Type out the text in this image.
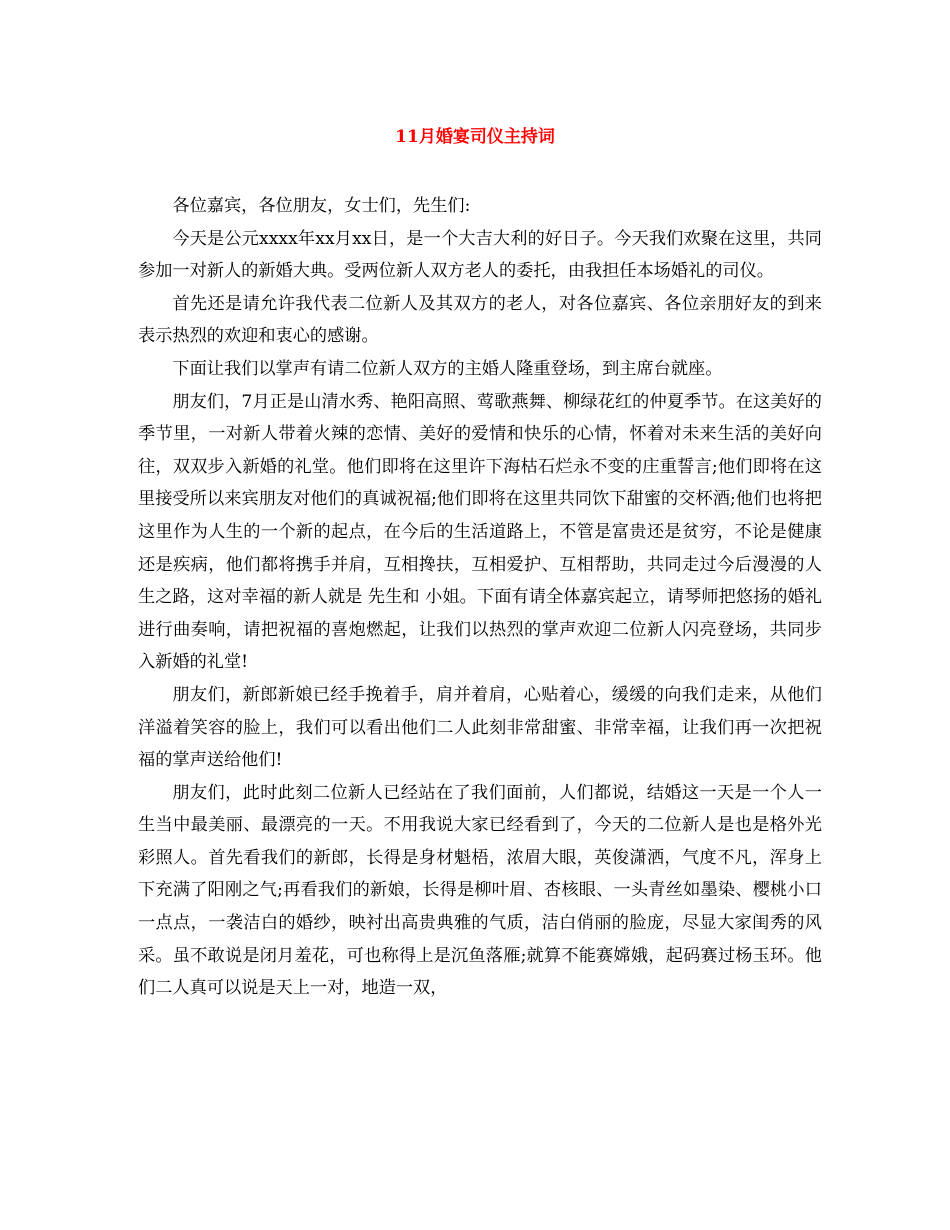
11月婚宴司仪主持词

各位嘉宾，各位朋友，女士们，先生们:

今天是公元xxxx年xx月xx日，是一个大吉大利的好日子。今天我们欢聚在这里，共同参加一对新人的新婚大典。受两位新人双方老人的委托，由我担任本场婚礼的司仪。

首先还是请允许我代表二位新人及其双方的老人，对各位嘉宾、各位亲朋好友的到来表示热烈的欢迎和衷心的感谢。

下面让我们以掌声有请二位新人双方的主婚人隆重登场，到主席台就座。

朋友们，7月正是山清水秀、艳阳高照、莺歌燕舞、柳绿花红的仲夏季节。在这美好的季节里，一对新人带着火辣的恋情、美好的爱情和快乐的心情，怀着对未来生活的美好向往，双双步入新婚的礼堂。他们即将在这里许下海枯石烂永不变的庄重誓言;他们即将在这里接受所以来宾朋友对他们的真诚祝福;他们即将在这里共同饮下甜蜜的交杯酒;他们也将把这里作为人生的一个新的起点，在今后的生活道路上，不管是富贵还是贫穷，不论是健康还是疾病，他们都将携手并肩，互相搀扶，互相爱护、互相帮助，共同走过今后漫漫的人生之路，这对幸福的新人就是 先生和 小姐。下面有请全体嘉宾起立，请琴师把悠扬的婚礼进行曲奏响，请把祝福的喜炮燃起，让我们以热烈的掌声欢迎二位新人闪亮登场，共同步入新婚的礼堂!

朋友们，新郎新娘已经手挽着手，肩并着肩，心贴着心，缓缓的向我们走来，从他们洋溢着笑容的脸上，我们可以看出他们二人此刻非常甜蜜、非常幸福，让我们再一次把祝福的掌声送给他们!

朋友们，此时此刻二位新人已经站在了我们面前，人们都说，结婚这一天是一个人一生当中最美丽、最漂亮的一天。不用我说大家已经看到了，今天的二位新人是也是格外光彩照人。首先看我们的新郎，长得是身材魁梧，浓眉大眼，英俊潇洒，气度不凡，浑身上下充满了阳刚之气;再看我们的新娘，长得是柳叶眉、杏核眼、一头青丝如墨染、樱桃小口一点点，一袭洁白的婚纱，映衬出高贵典雅的气质，洁白俏丽的脸庞，尽显大家闺秀的风采。虽不敢说是闭月羞花，可也称得上是沉鱼落雁;就算不能赛嫦娥，起码赛过杨玉环。他们二人真可以说是天上一对，地造一双，
